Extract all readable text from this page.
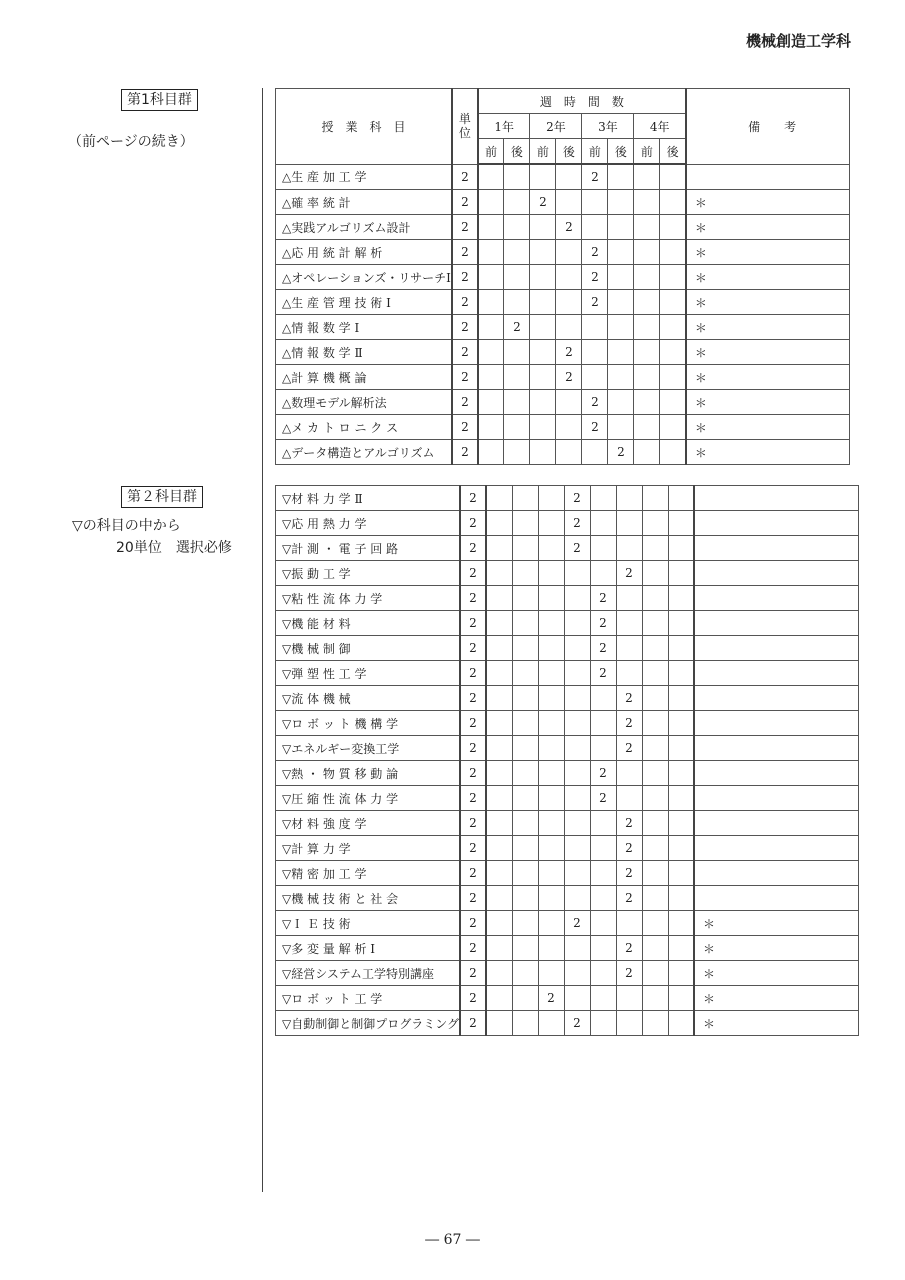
機械創造工学科
第1科目群
（前ページの続き）
第２科目群
▽の科目の中から
20単位　選択必修
授　業　科　目	単位	週　時　間　数								備　　考
		1年		2年		3年		4年		
		前	後	前	後	前	後	前	後	
△生 産 加 工 学	2					2				
△確 率 統 計	2			2						＊
△実践アルゴリズム設計	2				2					＊
△応 用 統 計 解 析	2					2				＊
△オペレーションズ・リサーチⅠ	2					2				＊
△生 産 管 理 技 術 Ⅰ	2					2				＊
△情 報 数 学 Ⅰ	2		2							＊
△情 報 数 学 Ⅱ	2				2					＊
△計 算 機 概 論	2				2					＊
△数理モデル解析法	2					2				＊
△メ カ ト ロ ニ ク ス	2					2				＊
△データ構造とアルゴリズム	2						2			＊
▽材 料 力 学 Ⅱ	2				2					
▽応 用 熱 力 学	2				2					
▽計 測 ・ 電 子 回 路	2				2					
▽振 動 工 学	2						2			
▽粘 性 流 体 力 学	2					2				
▽機 能 材 料	2					2				
▽機 械 制 御	2					2				
▽弾 塑 性 工 学	2					2				
▽流 体 機 械	2						2			
▽ロ ボ ッ ト 機 構 学	2						2			
▽エネルギー変換工学	2						2			
▽熱 ・ 物 質 移 動 論	2					2				
▽圧 縮 性 流 体 力 学	2					2				
▽材 料 強 度 学	2						2			
▽計 算 力 学	2						2			
▽精 密 加 工 学	2						2			
▽機 械 技 術 と 社 会	2						2			
▽Ｉ Ｅ 技 術	2				2					＊
▽多 変 量 解 析 Ⅰ	2						2			＊
▽経営システム工学特別講座	2						2			＊
▽ロ ボ ッ ト 工 学	2			2						＊
▽自動制御と制御プログラミング	2				2					＊
― 67 ―
